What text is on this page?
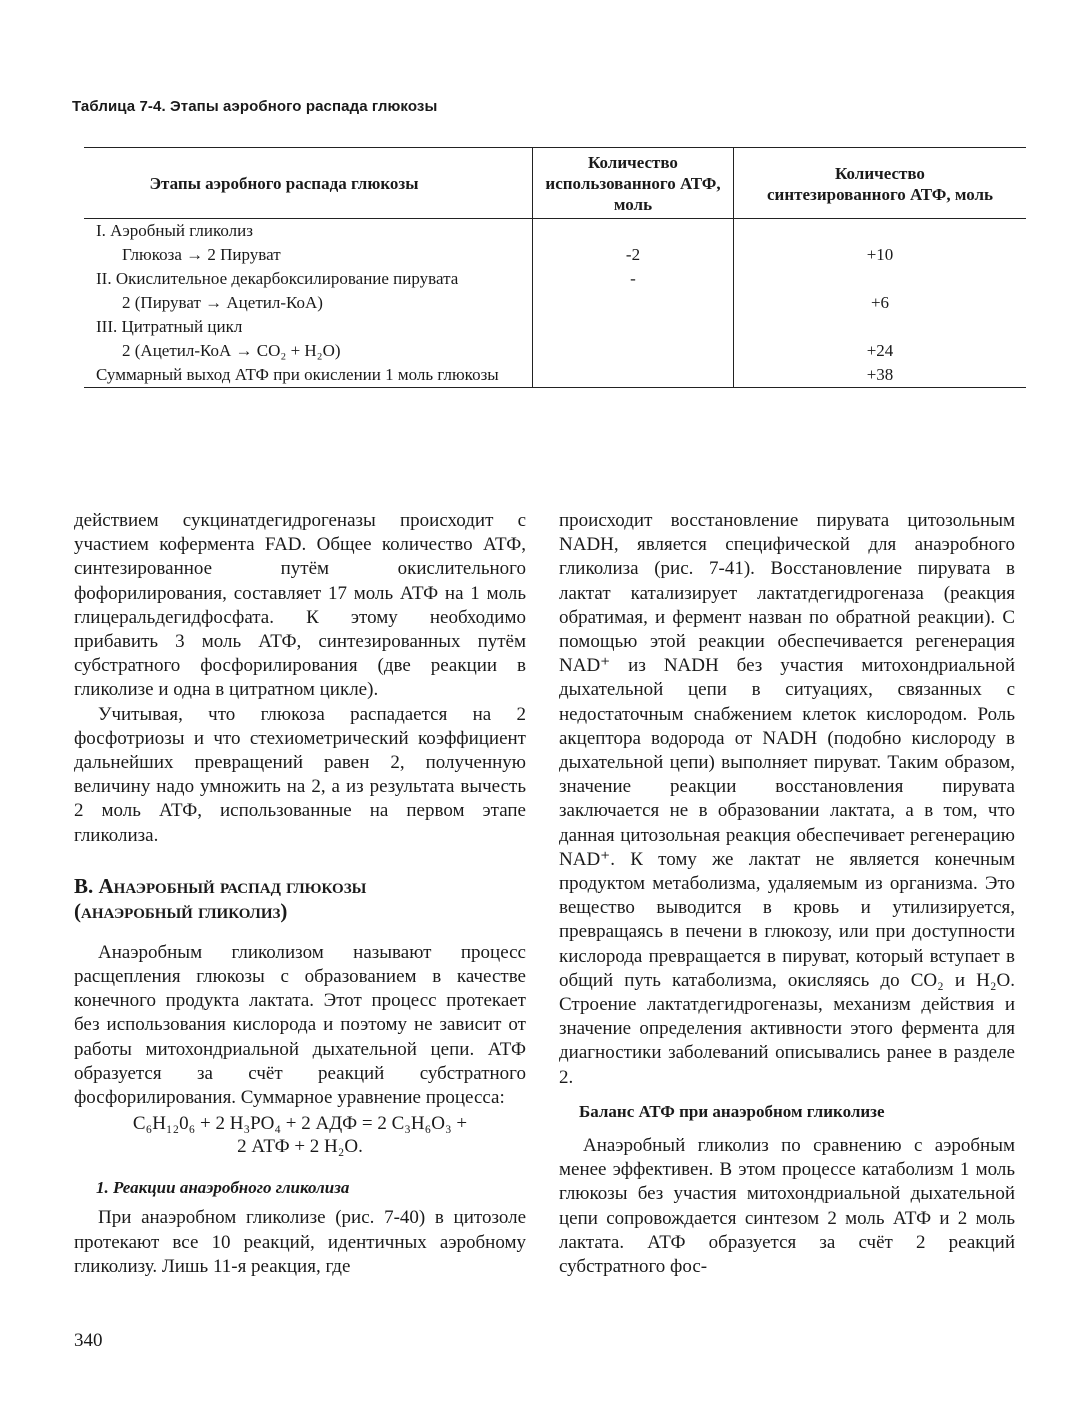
Таблица 7-4. Этапы аэробного распада глюкозы
Этапы аэробного распада глюкозы	Количество использованного АТФ, моль	Количество синтезированного АТФ, моль
I. Аэробный гликолиз		
Глюкоза → 2 Пируват	-2	+10
II. Окислительное декарбоксилирование пирувата	-	
2 (Пируват → Ацетил-КоА)		+6
III. Цитратный цикл		
2 (Ацетил-КоА → CO₂ + H₂O)		+24
Суммарный выход АТФ при окислении 1 моль глюкозы		+38

действием сукцинатдегидрогеназы происходит с участием кофермента FAD. Общее количество АТФ, синтезированное путём окислительного фофорилирования, составляет 17 моль АТФ на 1 моль глицеральдегидфосфата. К этому необходимо прибавить 3 моль АТФ, синтезированных путём субстратного фосфорилирования (две реакции в гликолизе и одна в цитратном цикле).

Учитывая, что глюкоза распадается на 2 фосфотриозы и что стехиометрический коэффициент дальнейших превращений равен 2, полученную величину надо умножить на 2, а из результата вычесть 2 моль АТФ, использованные на первом этапе гликолиза.

В. Анаэробный распад глюкозы
(анаэробный гликолиз)

Анаэробным гликолизом называют процесс расщепления глюкозы с образованием в качестве конечного продукта лактата. Этот процесс протекает без использования кислорода и поэтому не зависит от работы митохондриальной дыхательной цепи. АТФ образуется за счёт реакций субстратного фосфорилирования. Суммарное уравнение процесса:

C₆H₁₂0₆ + 2 H₃PO₄ + 2 АДФ = 2 C₃H₆O₃ +
2 АТФ + 2 H₂O.
1. Реакции анаэробного гликолиза

При анаэробном гликолизе (рис. 7-40) в цитозоле протекают все 10 реакций, идентичных аэробному гликолизу. Лишь 11-я реакция, где

происходит восстановление пирувата цитозольным NADH, является специфической для анаэробного гликолиза (рис. 7-41). Восстановление пирувата в лактат катализирует лактатдегидрогеназа (реакция обратимая, и фермент назван по обратной реакции). С помощью этой реакции обеспечивается регенерация NAD⁺ из NADH без участия митохондриальной дыхательной цепи в ситуациях, связанных с недостаточным снабжением клеток кислородом. Роль акцептора водорода от NADH (подобно кислороду в дыхательной цепи) выполняет пируват. Таким образом, значение реакции восстановления пирувата заключается не в образовании лактата, а в том, что данная цитозольная реакция обеспечивает регенерацию NAD⁺. К тому же лактат не является конечным продуктом метаболизма, удаляемым из организма. Это вещество выводится в кровь и утилизируется, превращаясь в печени в глюкозу, или при доступности кислорода превращается в пируват, который вступает в общий путь катаболизма, окисляясь до CO₂ и H₂O. Строение лактатдегидрогеназы, механизм действия и значение определения активности этого фермента для диагностики заболеваний описывались ранее в разделе 2.

Баланс АТФ при анаэробном гликолизе

Анаэробный гликолиз по сравнению с аэробным менее эффективен. В этом процессе катаболизм 1 моль глюкозы без участия митохондриальной дыхательной цепи сопровождается синтезом 2 моль АТФ и 2 моль лактата. АТФ образуется за счёт 2 реакций субстратного фос-

340
